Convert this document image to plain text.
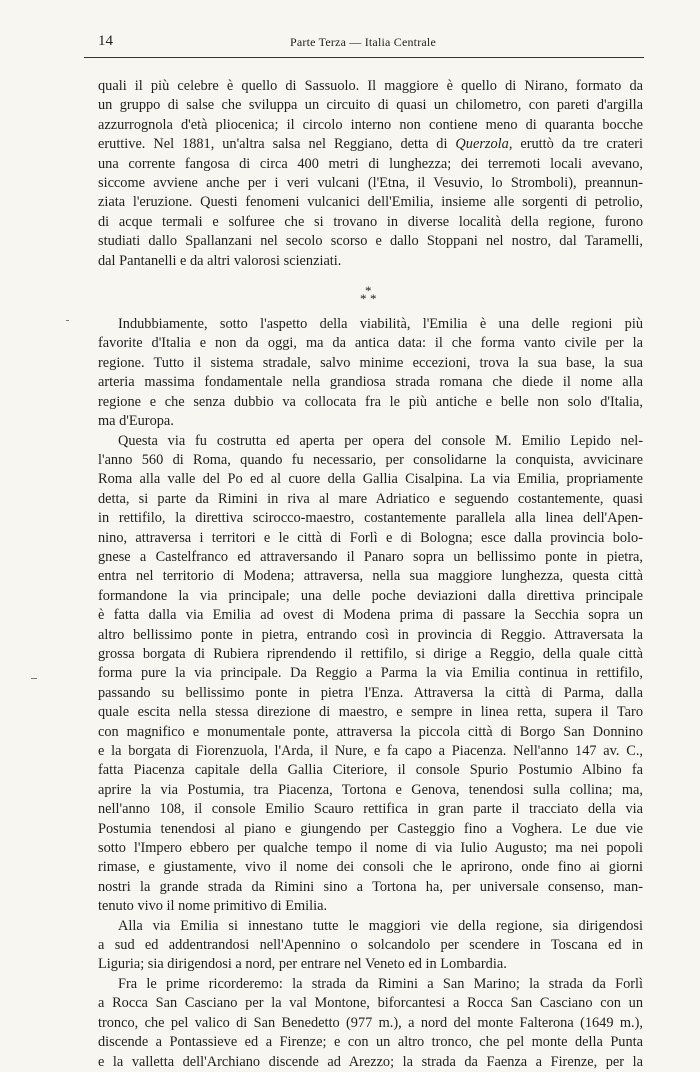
14	Parte Terza — Italia Centrale

quali il più celebre è quello di Sassuolo. Il maggiore è quello di Nirano, formato da
un gruppo di salse che sviluppa un circuito di quasi un chilometro, con pareti d'argilla
azzurrognola d'età pliocenica; il circolo interno non contiene meno di quaranta bocche
eruttive. Nel 1881, un'altra salsa nel Reggiano, detta di Querzola, eruttò da tre crateri
una corrente fangosa di circa 400 metri di lunghezza; dei terremoti locali avevano,
siccome avviene anche per i veri vulcani (l'Etna, il Vesuvio, lo Stromboli), preannun-
ziata l'eruzione. Questi fenomeni vulcanici dell'Emilia, insieme alle sorgenti di petrolio,
di acque termali e solfuree che si trovano in diverse località della regione, furono
studiati dallo Spallanzani nel secolo scorso e dallo Stoppani nel nostro, dal Taramelli,
dal Pantanelli e da altri valorosi scienziati.

*
* *

Indubbiamente, sotto l'aspetto della viabilità, l'Emilia è una delle regioni più
favorite d'Italia e non da oggi, ma da antica data: il che forma vanto civile per la
regione. Tutto il sistema stradale, salvo minime eccezioni, trova la sua base, la sua
arteria massima fondamentale nella grandiosa strada romana che diede il nome alla
regione e che senza dubbio va collocata fra le più antiche e belle non solo d'Italia,
ma d'Europa.

Questa via fu costrutta ed aperta per opera del console M. Emilio Lepido nel-
l'anno 560 di Roma, quando fu necessario, per consolidarne la conquista, avvicinare
Roma alla valle del Po ed al cuore della Gallia Cisalpina. La via Emilia, propriamente
detta, si parte da Rimini in riva al mare Adriatico e seguendo costantemente, quasi
in rettifilo, la direttiva scirocco-maestro, costantemente parallela alla linea dell'Apen-
nino, attraversa i territori e le città di Forlì e di Bologna; esce dalla provincia bolo-
gnese a Castelfranco ed attraversando il Panaro sopra un bellissimo ponte in pietra,
entra nel territorio di Modena; attraversa, nella sua maggiore lunghezza, questa città
formandone la via principale; una delle poche deviazioni dalla direttiva principale
è fatta dalla via Emilia ad ovest di Modena prima di passare la Secchia sopra un
altro bellissimo ponte in pietra, entrando così in provincia di Reggio. Attraversata la
grossa borgata di Rubiera riprendendo il rettifilo, si dirige a Reggio, della quale città
forma pure la via principale. Da Reggio a Parma la via Emilia continua in rettifilo,
passando su bellissimo ponte in pietra l'Enza. Attraversa la città di Parma, dalla
quale escita nella stessa direzione di maestro, e sempre in linea retta, supera il Taro
con magnifico e monumentale ponte, attraversa la piccola città di Borgo San Donnino
e la borgata di Fiorenzuola, l'Arda, il Nure, e fa capo a Piacenza. Nell'anno 147 av. C.,
fatta Piacenza capitale della Gallia Citeriore, il console Spurio Postumio Albino fa
aprire la via Postumia, tra Piacenza, Tortona e Genova, tenendosi sulla collina; ma,
nell'anno 108, il console Emilio Scauro rettifica in gran parte il tracciato della via
Postumia tenendosi al piano e giungendo per Casteggio fino a Voghera. Le due vie
sotto l'Impero ebbero per qualche tempo il nome di via Iulio Augusto; ma nei popoli
rimase, e giustamente, vivo il nome dei consoli che le aprirono, onde fino ai giorni
nostri la grande strada da Rimini sino a Tortona ha, per universale consenso, man-
tenuto vivo il nome primitivo di Emilia.

Alla via Emilia si innestano tutte le maggiori vie della regione, sia dirigendosi
a sud ed addentrandosi nell'Apennino o solcandolo per scendere in Toscana ed in
Liguria; sia dirigendosi a nord, per entrare nel Veneto ed in Lombardia.

Fra le prime ricorderemo: la strada da Rimini a San Marino; la strada da Forlì
a Rocca San Casciano per la val Montone, biforcantesi a Rocca San Casciano con un
tronco, che pel valico di San Benedetto (977 m.), a nord del monte Falterona (1649 m.),
discende a Pontassieve ed a Firenze; e con un altro tronco, che pel monte della Punta
e la valletta dell'Archiano discende ad Arezzo; la strada da Faenza a Firenze, per la
